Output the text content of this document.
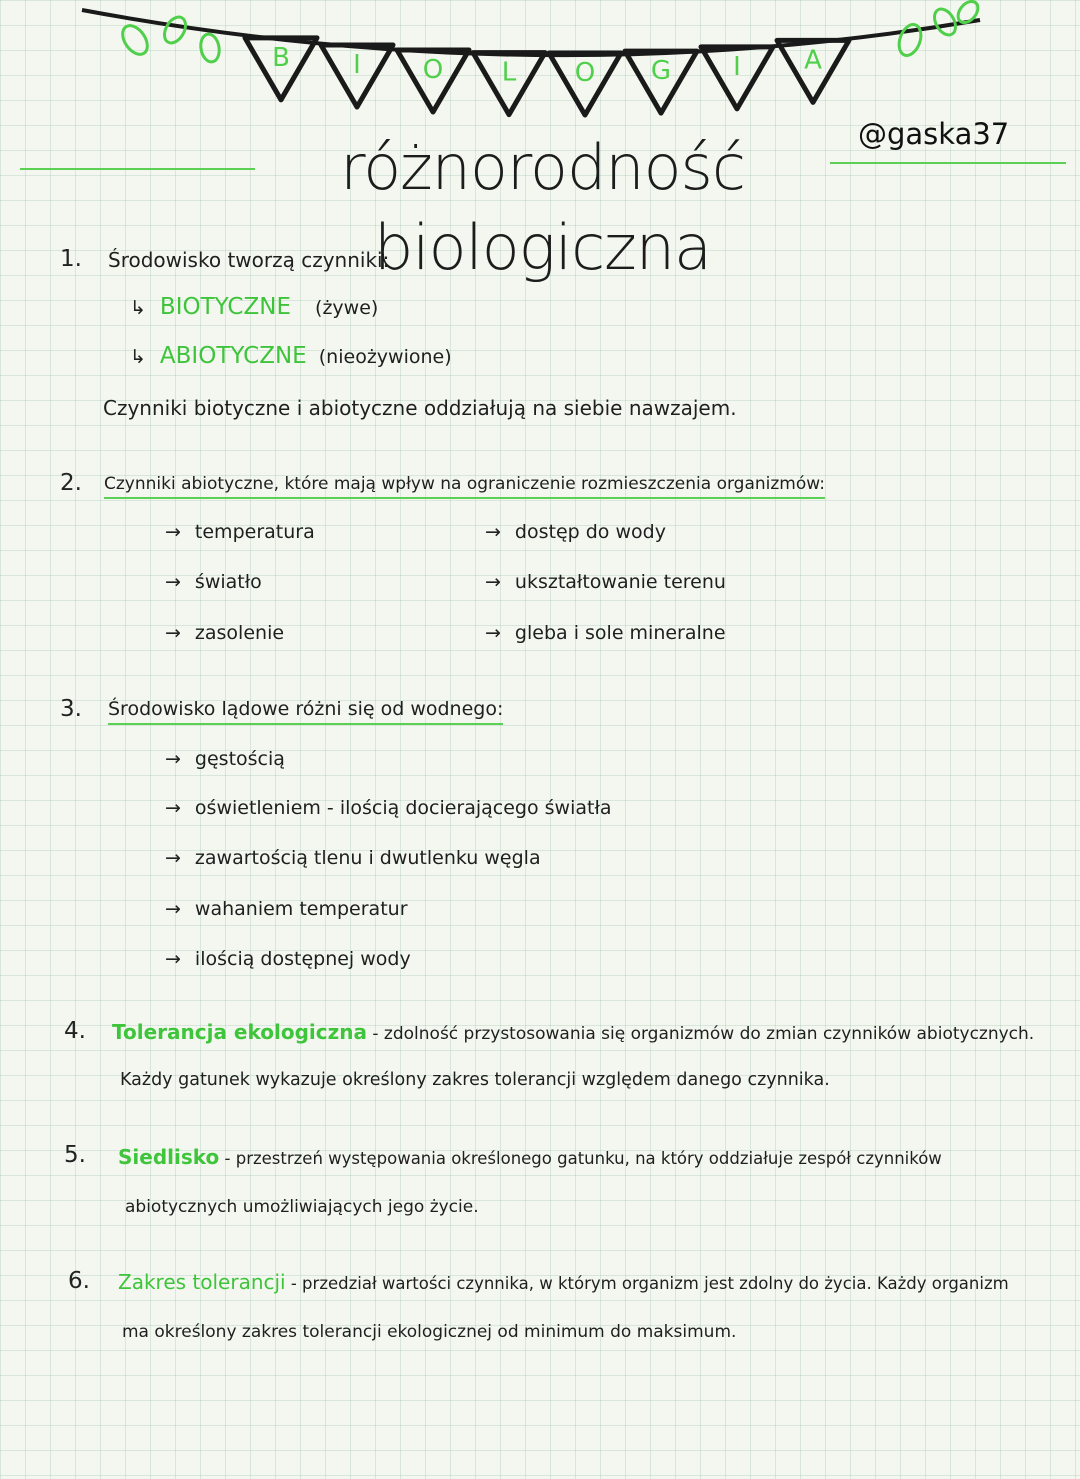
B I O L O G I A
różnorodność biologiczna
@gaska37
1. Środowisko tworzą czynniki:
↳ BIOTYCZNE (żywe)
↳ ABIOTYCZNE (nieożywione)
Czynniki biotyczne i abiotyczne oddziałują na siebie nawzajem.
2. Czynniki abiotyczne, które mają wpływ na ograniczenie rozmieszczenia organizmów:
→ temperatura
→ światło
→ zasolenie
→ dostęp do wody
→ ukształtowanie terenu
→ gleba i sole mineralne
3. Środowisko lądowe różni się od wodnego:
→ gęstością
→ oświetleniem - ilością docierającego światła
→ zawartością tlenu i dwutlenku węgla
→ wahaniem temperatur
→ ilością dostępnej wody
4. Tolerancja ekologiczna - zdolność przystosowania się organizmów do zmian czynników abiotycznych.
Każdy gatunek wykazuje określony zakres tolerancji względem danego czynnika.
5. Siedlisko - przestrzeń występowania określonego gatunku, na który oddziałuje zespół czynników
abiotycznych umożliwiających jego życie.
6. Zakres tolerancji - przedział wartości czynnika, w którym organizm jest zdolny do życia. Każdy organizm
ma określony zakres tolerancji ekologicznej od minimum do maksimum.
